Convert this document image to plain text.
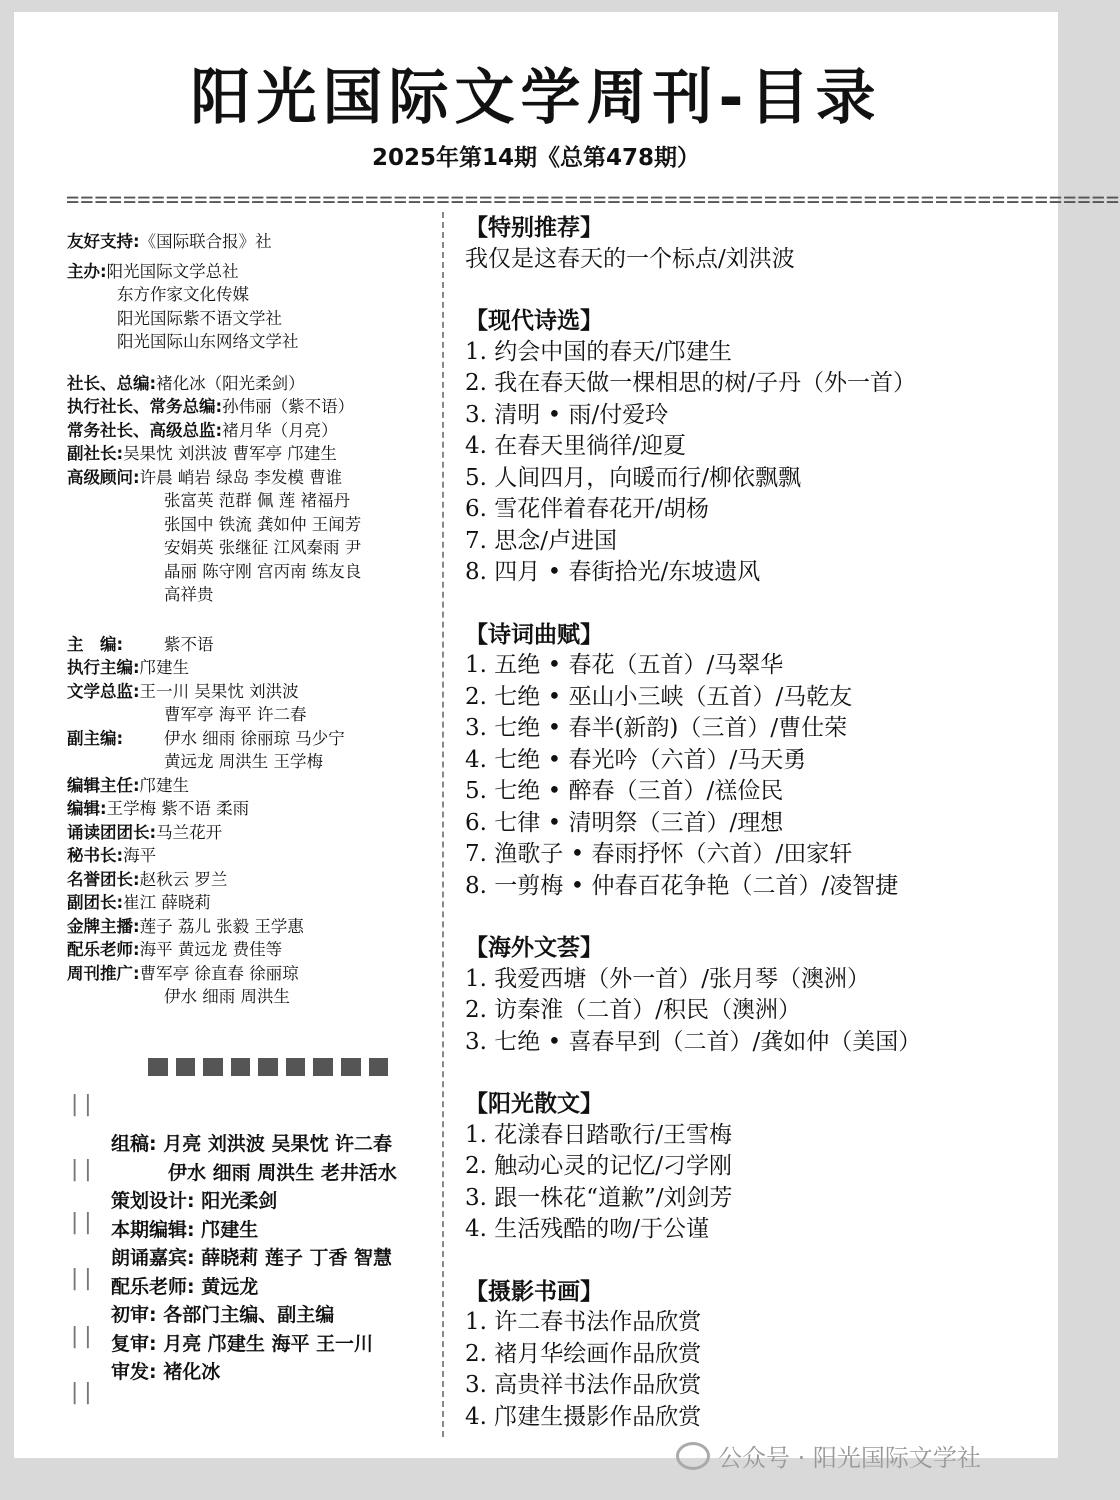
阳光国际文学周刊-目录
2025年第14期《总第478期）
==========================================================================
友好支持: 《国际联合报》社
主办: 阳光国际文学总社
东方作家文化传媒
阳光国际紫不语文学社
阳光国际山东网络文学社
社长、总编: 褚化冰（阳光柔剑）
执行社长、常务总编: 孙伟丽（紫不语）
常务社长、高级总监: 褚月华（月亮）
副社长: 吴果忱 刘洪波 曹军亭 邝建生
高级顾问: 许晨 峭岩 绿岛 李发模 曹谁
张富英 范群 佩 莲 褚福丹
张国中 铁流 龚如仲 王闻芳
安娟英 张继征 江风秦雨 尹
晶丽 陈守刚 宫丙南 练友良
高祥贵
主　编:	紫不语
执行主编: 邝建生
文学总监: 王一川 吴果忱 刘洪波
曹军亭 海平 许二春
副主编:	伊水 细雨 徐丽琼 马少宁
黄远龙 周洪生 王学梅
编辑主任: 邝建生
编辑: 王学梅 紫不语 柔雨
诵读团团长: 马兰花开
秘书长: 海平
名誉团长: 赵秋云 罗兰
副团长: 崔江 薛晓莉
金牌主播: 莲子 荔儿 张毅 王学惠
配乐老师: 海平 黄远龙 费佳等
周刊推广: 曹军亭 徐直春 徐丽琼
伊水 细雨 周洪生
||
||
||
||
||
||
组稿: 月亮 刘洪波 吴果忱 许二春
　　　伊水 细雨 周洪生 老井活水
策划设计: 阳光柔剑
本期编辑: 邝建生
朗诵嘉宾: 薛晓莉 莲子 丁香 智慧
配乐老师: 黄远龙
初审: 各部门主编、副主编
复审: 月亮 邝建生 海平 王一川
审发: 褚化冰
【特别推荐】
我仅是这春天的一个标点/刘洪波
【现代诗选】
1. 约会中国的春天/邝建生
2. 我在春天做一棵相思的树/子丹（外一首）
3. 清明 • 雨/付爱玲
4. 在春天里徜徉/迎夏
5. 人间四月，向暖而行/柳依飘飘
6. 雪花伴着春花开/胡杨
7. 思念/卢进国
8. 四月 • 春街拾光/东坡遗风
【诗词曲赋】
1. 五绝 • 春花（五首）/马翠华
2. 七绝 • 巫山小三峡（五首）/马乾友
3. 七绝 • 春半(新韵)（三首）/曹仕荣
4. 七绝 • 春光吟（六首）/马天勇
5. 七绝 • 醉春（三首）/禚俭民
6. 七律 • 清明祭（三首）/理想
7. 渔歌子 • 春雨抒怀（六首）/田家轩
8. 一剪梅 • 仲春百花争艳（二首）/凌智捷
【海外文荟】
1. 我爱西塘（外一首）/张月琴（澳洲）
2. 访秦淮（二首）/积民（澳洲）
3. 七绝 • 喜春早到（二首）/龚如仲（美国）
【阳光散文】
1. 花漾春日踏歌行/王雪梅
2. 触动心灵的记忆/刁学刚
3. 跟一株花“道歉”/刘剑芳
4. 生活残酷的吻/于公谨
【摄影书画】
1. 许二春书法作品欣赏
2. 褚月华绘画作品欣赏
3. 高贵祥书法作品欣赏
4. 邝建生摄影作品欣赏
公众号 · 阳光国际文学社
